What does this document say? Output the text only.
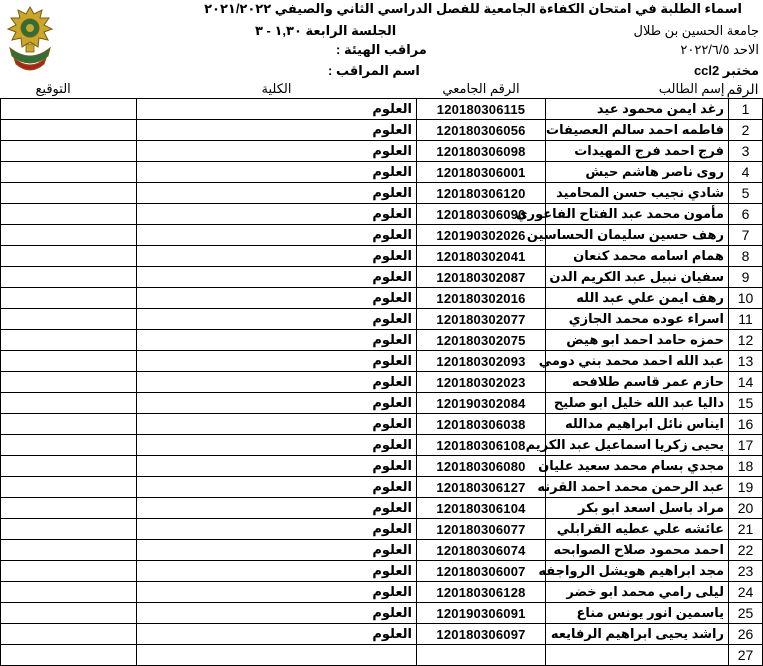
اسماء الطلبة في امتحان الكفاءة الجامعية للفصل الدراسي الثاني والصيفي ٢٠٢١/٢٠٢٢
جامعة الحسين بن طلال
الجلسة الرابعة ١,٣٠ - ٣
الاحد ٢٠٢٢/٦/٥
مراقب الهيئة :
مختبر ccl2
اسم المراقب :
الرقم	إسم الطالب	الرقم الجامعي	الكلية	التوقيع
1	رغد ايمن محمود عيد	120180306115	العلوم	
2	فاطمه احمد سالم العصيفات	120180306056	العلوم	
3	فرج احمد فرج المهيدات	120180306098	العلوم	
4	روى ناصر هاشم حيش	120180306001	العلوم	
5	شادي نجيب حسن المحاميد	120180306120	العلوم	
6	مأمون محمد عبد الفتاح الفاعوري	120180306090	العلوم	
7	رهف حسين سليمان الحساسين	120190302026	العلوم	
8	همام اسامه محمد كنعان	120180302041	العلوم	
9	سفيان نبيل عبد الكريم الدن	120180302087	العلوم	
10	رهف ايمن علي عبد الله	120180302016	العلوم	
11	اسراء عوده محمد الجازي	120180302077	العلوم	
12	حمزه حامد احمد ابو هيض	120180302075	العلوم	
13	عبد الله احمد محمد بني دومي	120180302093	العلوم	
14	حازم عمر قاسم طلافحه	120180302023	العلوم	
15	داليا عبد الله خليل ابو صليح	120190302084	العلوم	
16	ايناس نائل ابراهيم مدالله	120180306038	العلوم	
17	يحيى زكريا اسماعيل عبد الكريم	120180306108	العلوم	
18	مجدي بسام محمد سعيد عليان	120180306080	العلوم	
19	عبد الرحمن محمد احمد القرنه	120180306127	العلوم	
20	مراد باسل اسعد ابو بكر	120180306104	العلوم	
21	عائشه علي عطيه القرابلي	120180306077	العلوم	
22	احمد محمود صلاح الصوابحه	120180306074	العلوم	
23	مجد ابراهيم هويشل الرواجفه	120180306007	العلوم	
24	ليلى رامي محمد ابو خضر	120180306128	العلوم	
25	ياسمين انور يونس مناع	120190306091	العلوم	
26	راشد يحيى ابراهيم الرفايعه	120180306097	العلوم	
27				
